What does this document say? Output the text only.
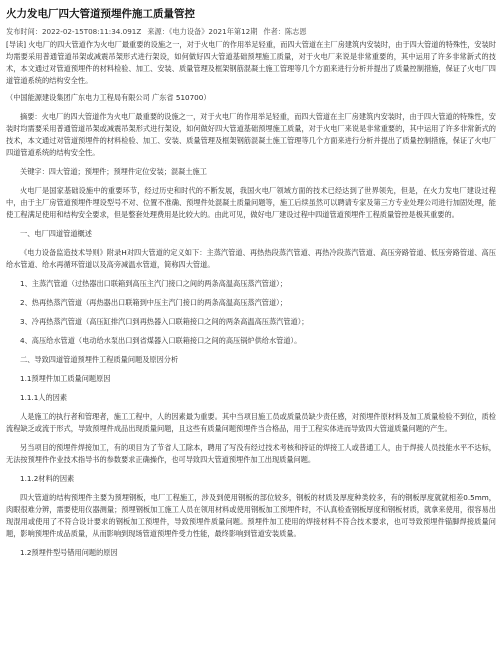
火力发电厂四大管道预埋件施工质量管控
发布时间：2022-02-15T08:11:34.091Z 来源：《电力设备》2021年第12期 作者：陈志恩

[导读] 火电厂的四大管道作为火电厂最重要的设施之一，对于火电厂的作用举足轻重，而四大管道在主厂房建筑内安装时，由于四大管道的特殊性，安装时均需要采用普通管道吊架或减震吊架形式进行架设，如何做好四大管道基础预埋施工质量，对于火电厂来说是非常重要的，其中运用了许多非常新式的技术，本文通过对管道预埋件的材料检验、加工、安装、质量管理及框架钢筋混凝土施工管理等几个方面来进行分析并提出了质量控制措施，保证了火电厂四道管道系统的结构安全性。

（中国能源建设集团广东电力工程局有限公司 广东省 510700）

摘要：火电厂的四大管道作为火电厂最重要的设施之一，对于火电厂的作用举足轻重，而四大管道在主厂房建筑内安装时，由于四大管道的特殊性，安装时均需要采用普通管道吊架或减震吊架形式进行架设，如何做好四大管道基础预埋施工质量，对于火电厂来说是非常重要的，其中运用了许多非常新式的技术，本文通过对管道预埋件的材料检验、加工、安装、质量管理及框架钢筋混凝土施工管理等几个方面来进行分析并提出了质量控制措施，保证了火电厂四道管道系统的结构安全性。

关键字：四大管道；预埋件；预埋件定位安装；混凝土施工

火电厂是国家基础设施中的重要环节，经过历史和时代的不断发展，我国火电厂领域方面的技术已经达到了世界领先，但是，在火力发电厂建设过程中，由于主厂房管道预埋件埋设型号不对、位置不准确、预埋件处混凝土质量问题等，施工后续虽然可以聘请专家及第三方专业处理公司进行加固处理，能使工程满足使用和结构安全要求，但是整套处理费用是比较大的。由此可见，做好电厂建设过程中四道管道预埋件工程质量管控是极其重要的。

一、电厂四道管道概述

《电力设备监造技术导则》附录H对四大管道的定义如下：主蒸汽管道、再热热段蒸汽管道、再热冷段蒸汽管道、高压旁路管道、低压旁路管道、高压给水管道、给水再循环管道以及高旁减温水管道，简称四大管道。

1、主蒸汽管道（过热器出口联箱到高压主汽门接口之间的两条高温高压蒸汽管道）；

2、热再热蒸汽管道（再热器出口联箱到中压主汽门接口的两条高温高压蒸汽管道）；

3、冷再热蒸汽管道（高压缸排汽口到再热器入口联箱接口之间的两条高温高压蒸汽管道）；

4、高压给水管道（电动给水泵出口到省煤器入口联箱接口之间的高压锅炉供给水管道）。

二、导致四道管道预埋件工程质量问题及原因分析

1.1预埋件加工质量问题原因

1.1.1人的因素

人是施工的执行者和管理者，施工工程中，人的因素最为重要。其中当项目施工员或质量员缺少责任感，对预埋件原材料及加工质量检验不到位，质检流程缺乏或流于形式，导致预埋件成品出现质量问题，且这些有质量问题预埋件当合格品，用于工程实体进而导致四大管道质量问题的产生。

另当项目的预埋件焊接加工，有的项目为了节省人工除本，聘用了写没有经过技术考核和持证的焊接工人或普通工人，由于焊接人员技能水平不达标，无法按预埋件作业技术指导书的参数要求正确操作，也可导致四大管道预埋件加工出现质量问题。

1.1.2材料的因素

四大管道的结构预埋件主要为预埋钢板，电厂工程施工，涉及到使用钢板的部位较多，钢板的材质及厚度种类较多，有的钢板厚度就就相差0.5mm，肉眼很难分辨，需要使用仪器测量；预埋钢板加工施工人员在领用材料或使用钢板加工预埋件时，不认真检查钢板厚度和钢板材质，就拿来使用，很容易出现混用或使用了不符合设计要求的钢板加工预埋件，导致预埋件质量问题。预埋件加工使用的焊接材料不符合技术要求，也可导致预埋件锚脚焊接质量问题，影响预埋件成品质量，从而影响到现场管道预埋件受力性能，最终影响到管道安装质量。

1.2预埋件型号错用问题的原因
